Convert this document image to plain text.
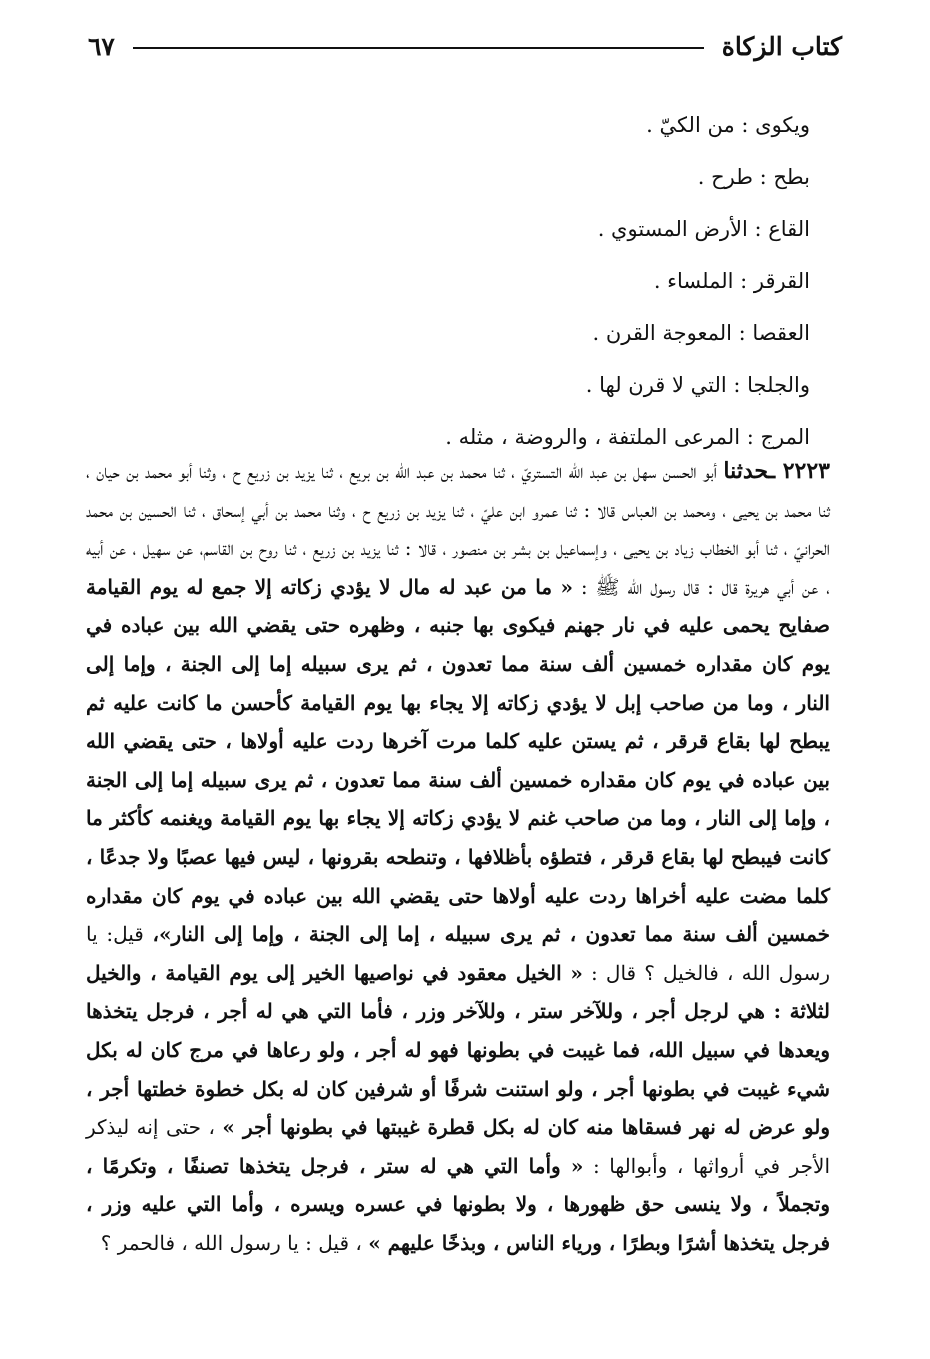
كتاب الزكاة
٦٧
ويكوى : من الكيّ .
بطح : طرح .
القاع : الأرض المستوي .
القرقر : الملساء .
العقصا : المعوجة القرن .
والجلجا : التي لا قرن لها .
المرج : المرعى الملتفة ، والروضة ، مثله .

٢٢٢٣ ـحدثنا أبو الحسن سهل بن عبد الله التستريّ ، ثنا محمد بن عبد الله بن بريع ، ثنا يزيد بن زريع ح ، وثنا أبو محمد بن حيان ، ثنا محمد بن يحيى ، ومحمد بن العباس قالا : ثنا عمرو ابن عليّ ، ثنا يزيد بن زريع ح ، وثنا محمد بن أبي إسحاق ، ثنا الحسين بن محمد الحرانيّ ، ثنا أبو الخطاب زياد بن يحيى ، وإسماعيل بن بشر بن منصور ، قالا : ثنا يزيد بن زريع ، ثنا روح بن القاسم، عن سهيل ، عن أبيه ، عن أبي هريرة قال : قال رسول الله ﷺ : « ما من عبد له مال لا يؤدي زكاته إلا جمع له يوم القيامة صفايح يحمى عليه في نار جهنم فيكوى بها جنبه ، وظهره حتى يقضي الله بين عباده في يوم كان مقداره خمسين ألف سنة مما تعدون ، ثم يرى سبيله إما إلى الجنة ، وإما إلى النار ، وما من صاحب إبل لا يؤدي زكاته إلا يجاء بها يوم القيامة كأحسن ما كانت عليه ثم يبطح لها بقاع قرقر ، ثم يستن عليه كلما مرت آخرها ردت عليه أولاها ، حتى يقضي الله بين عباده في يوم كان مقداره خمسين ألف سنة مما تعدون ، ثم يرى سبيله إما إلى الجنة ، وإما إلى النار ، وما من صاحب غنم لا يؤدي زكاته إلا يجاء بها يوم القيامة ويغنمه كأكثر ما كانت فيبطح لها بقاع قرقر ، فتطؤه بأظلافها ، وتنطحه بقرونها ، ليس فيها عصبًا ولا جدعًا ، كلما مضت عليه أخراها ردت عليه أولاها حتى يقضي الله بين عباده في يوم كان مقداره خمسين ألف سنة مما تعدون ، ثم يرى سبيله ، إما إلى الجنة ، وإما إلى النار»، قيل: يا رسول الله ، فالخيل ؟ قال : « الخيل معقود في نواصيها الخير إلى يوم القيامة ، والخيل لثلاثة : هي لرجل أجر ، وللآخر ستر ، وللآخر وزر ، فأما التي هي له أجر ، فرجل يتخذها ويعدها في سبيل الله، فما غيبت في بطونها فهو له أجر ، ولو رعاها في مرج كان له بكل شيء غيبت في بطونها أجر ، ولو استنت شرفًا أو شرفين كان له بكل خطوة خطتها أجر ، ولو عرض له نهر فسقاها منه كان له بكل قطرة غيبتها في بطونها أجر » ، حتى إنه ليذكر الأجر في أرواثها ، وأبوالها : « وأما التي هي له ستر ، فرجل يتخذها تصنفًا ، وتكرمًا ، وتجملاً ، ولا ينسى حق ظهورها ، ولا بطونها في عسره ويسره ، وأما التي عليه وزر ، فرجل يتخذها أشرًا وبطرًا ، ورياء الناس ، وبذخًا عليهم » ، قيل : يا رسول الله ، فالحمر ؟
